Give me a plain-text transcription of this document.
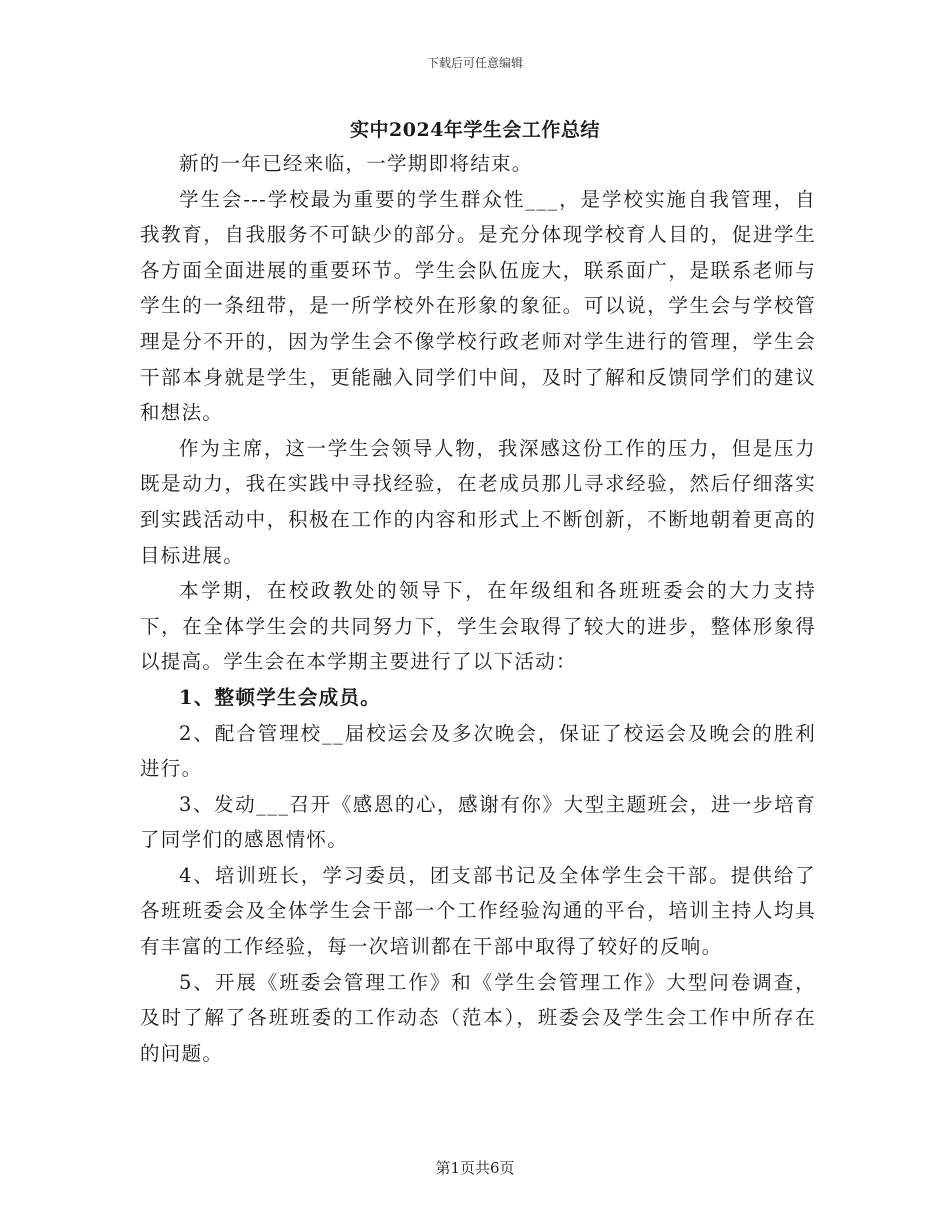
下载后可任意编辑
实中2024年学生会工作总结

新的一年已经来临，一学期即将结束。

学生会---学校最为重要的学生群众性___，是学校实施自我管理，自我教育，自我服务不可缺少的部分。是充分体现学校育人目的，促进学生各方面全面进展的重要环节。学生会队伍庞大，联系面广，是联系老师与学生的一条纽带，是一所学校外在形象的象征。可以说，学生会与学校管理是分不开的，因为学生会不像学校行政老师对学生进行的管理，学生会干部本身就是学生，更能融入同学们中间，及时了解和反馈同学们的建议和想法。

作为主席，这一学生会领导人物，我深感这份工作的压力，但是压力既是动力，我在实践中寻找经验，在老成员那儿寻求经验，然后仔细落实到实践活动中，积极在工作的内容和形式上不断创新，不断地朝着更高的目标进展。

本学期，在校政教处的领导下，在年级组和各班班委会的大力支持下，在全体学生会的共同努力下，学生会取得了较大的进步，整体形象得以提高。学生会在本学期主要进行了以下活动：

1、整顿学生会成员。

2、配合管理校__届校运会及多次晚会，保证了校运会及晚会的胜利进行。

3、发动___召开《感恩的心，感谢有你》大型主题班会，进一步培育了同学们的感恩情怀。

4、培训班长，学习委员，团支部书记及全体学生会干部。提供给了各班班委会及全体学生会干部一个工作经验沟通的平台，培训主持人均具有丰富的工作经验，每一次培训都在干部中取得了较好的反响。

5、开展《班委会管理工作》和《学生会管理工作》大型问卷调查，及时了解了各班班委的工作动态（范本），班委会及学生会工作中所存在的问题。

第1页共6页
